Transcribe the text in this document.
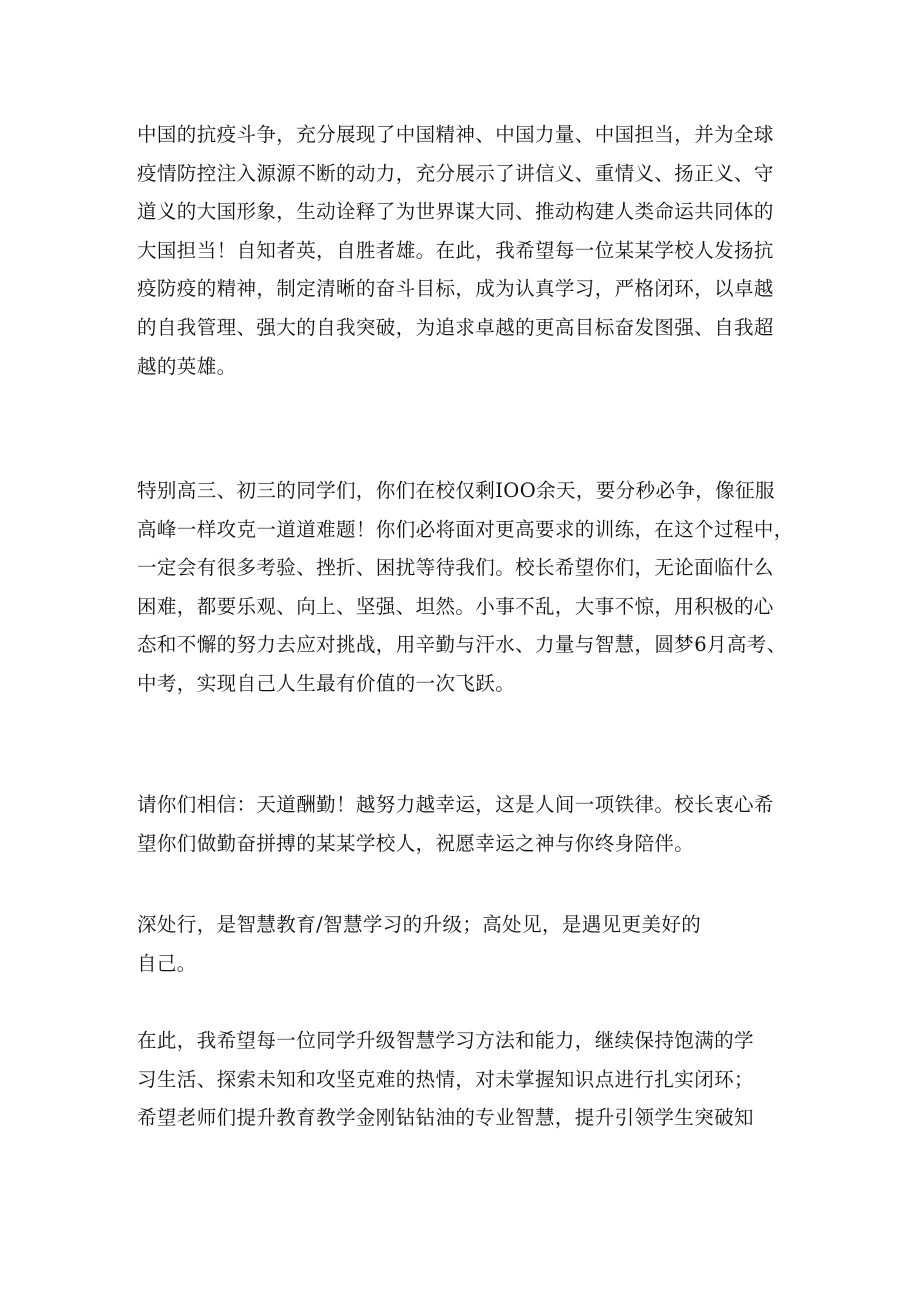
中国的抗疫斗争，充分展现了中国精神、中国力量、中国担当，并为全球
疫情防控注入源源不断的动力，充分展示了讲信义、重情义、扬正义、守
道义的大国形象，生动诠释了为世界谋大同、推动构建人类命运共同体的
大国担当！自知者英，自胜者雄。在此，我希望每一位某某学校人发扬抗
疫防疫的精神，制定清晰的奋斗目标，成为认真学习，严格闭环，以卓越
的自我管理、强大的自我突破，为追求卓越的更高目标奋发图强、自我超
越的英雄。

特别高三、初三的同学们，你们在校仅剩IOO余天，要分秒必争，像征服
高峰一样攻克一道道难题！你们必将面对更高要求的训练，在这个过程中，
一定会有很多考验、挫折、困扰等待我们。校长希望你们，无论面临什么
困难，都要乐观、向上、坚强、坦然。小事不乱，大事不惊，用积极的心
态和不懈的努力去应对挑战，用辛勤与汗水、力量与智慧，圆梦6月高考、
中考，实现自己人生最有价值的一次飞跃。

请你们相信：天道酬勤！越努力越幸运，这是人间一项铁律。校长衷心希
望你们做勤奋拼搏的某某学校人，祝愿幸运之神与你终身陪伴。

深处行，是智慧教育/智慧学习的升级；高处见，是遇见更美好的
自己。

在此，我希望每一位同学升级智慧学习方法和能力，继续保持饱满的学
习生活、探索未知和攻坚克难的热情，对未掌握知识点进行扎实闭环；
希望老师们提升教育教学金刚钻钻油的专业智慧，提升引领学生突破知
